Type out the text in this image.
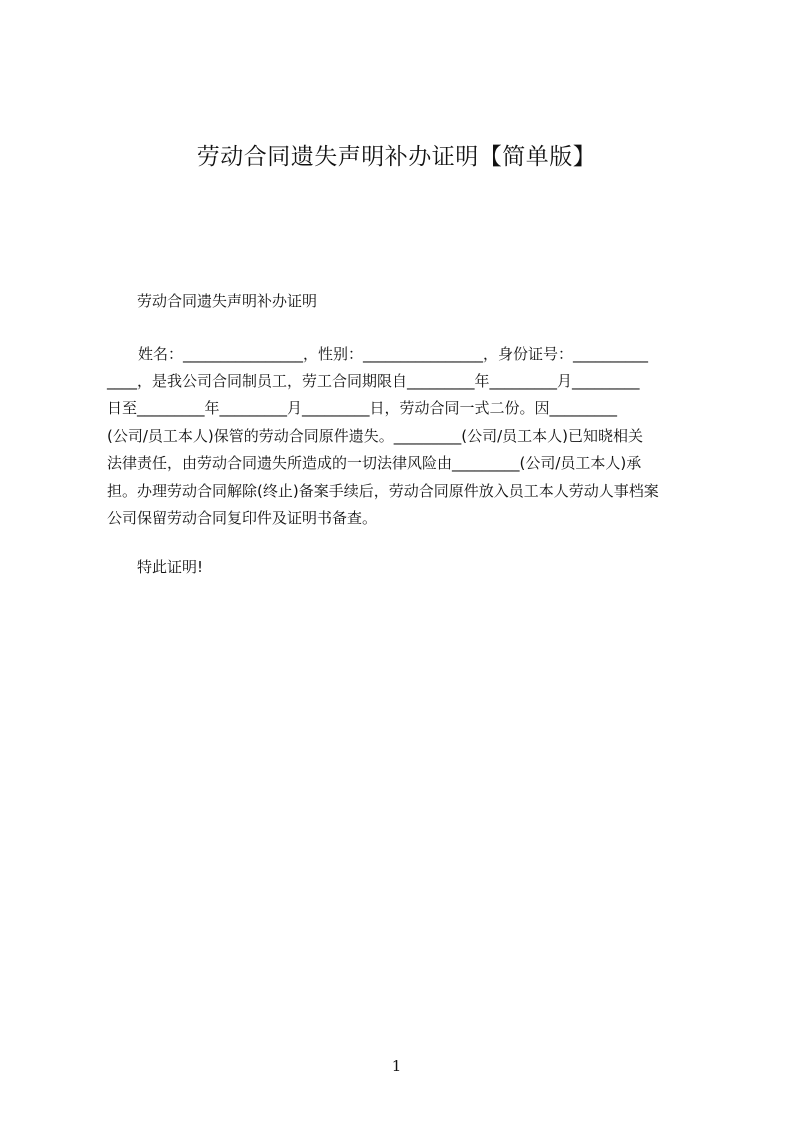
劳动合同遗失声明补办证明【简单版】
劳动合同遗失声明补办证明
姓名：________________，性别：________________，身份证号：__________
____，是我公司合同制员工，劳工合同期限自_________年_________月_________
日至_________年_________月_________日，劳动合同一式二份。因_________
(公司/员工本人)保管的劳动合同原件遗失。_________(公司/员工本人)已知晓相关
法律责任，由劳动合同遗失所造成的一切法律风险由_________(公司/员工本人)承
担。办理劳动合同解除(终止)备案手续后，劳动合同原件放入员工本人劳动人事档案
公司保留劳动合同复印件及证明书备查。
特此证明!
1
